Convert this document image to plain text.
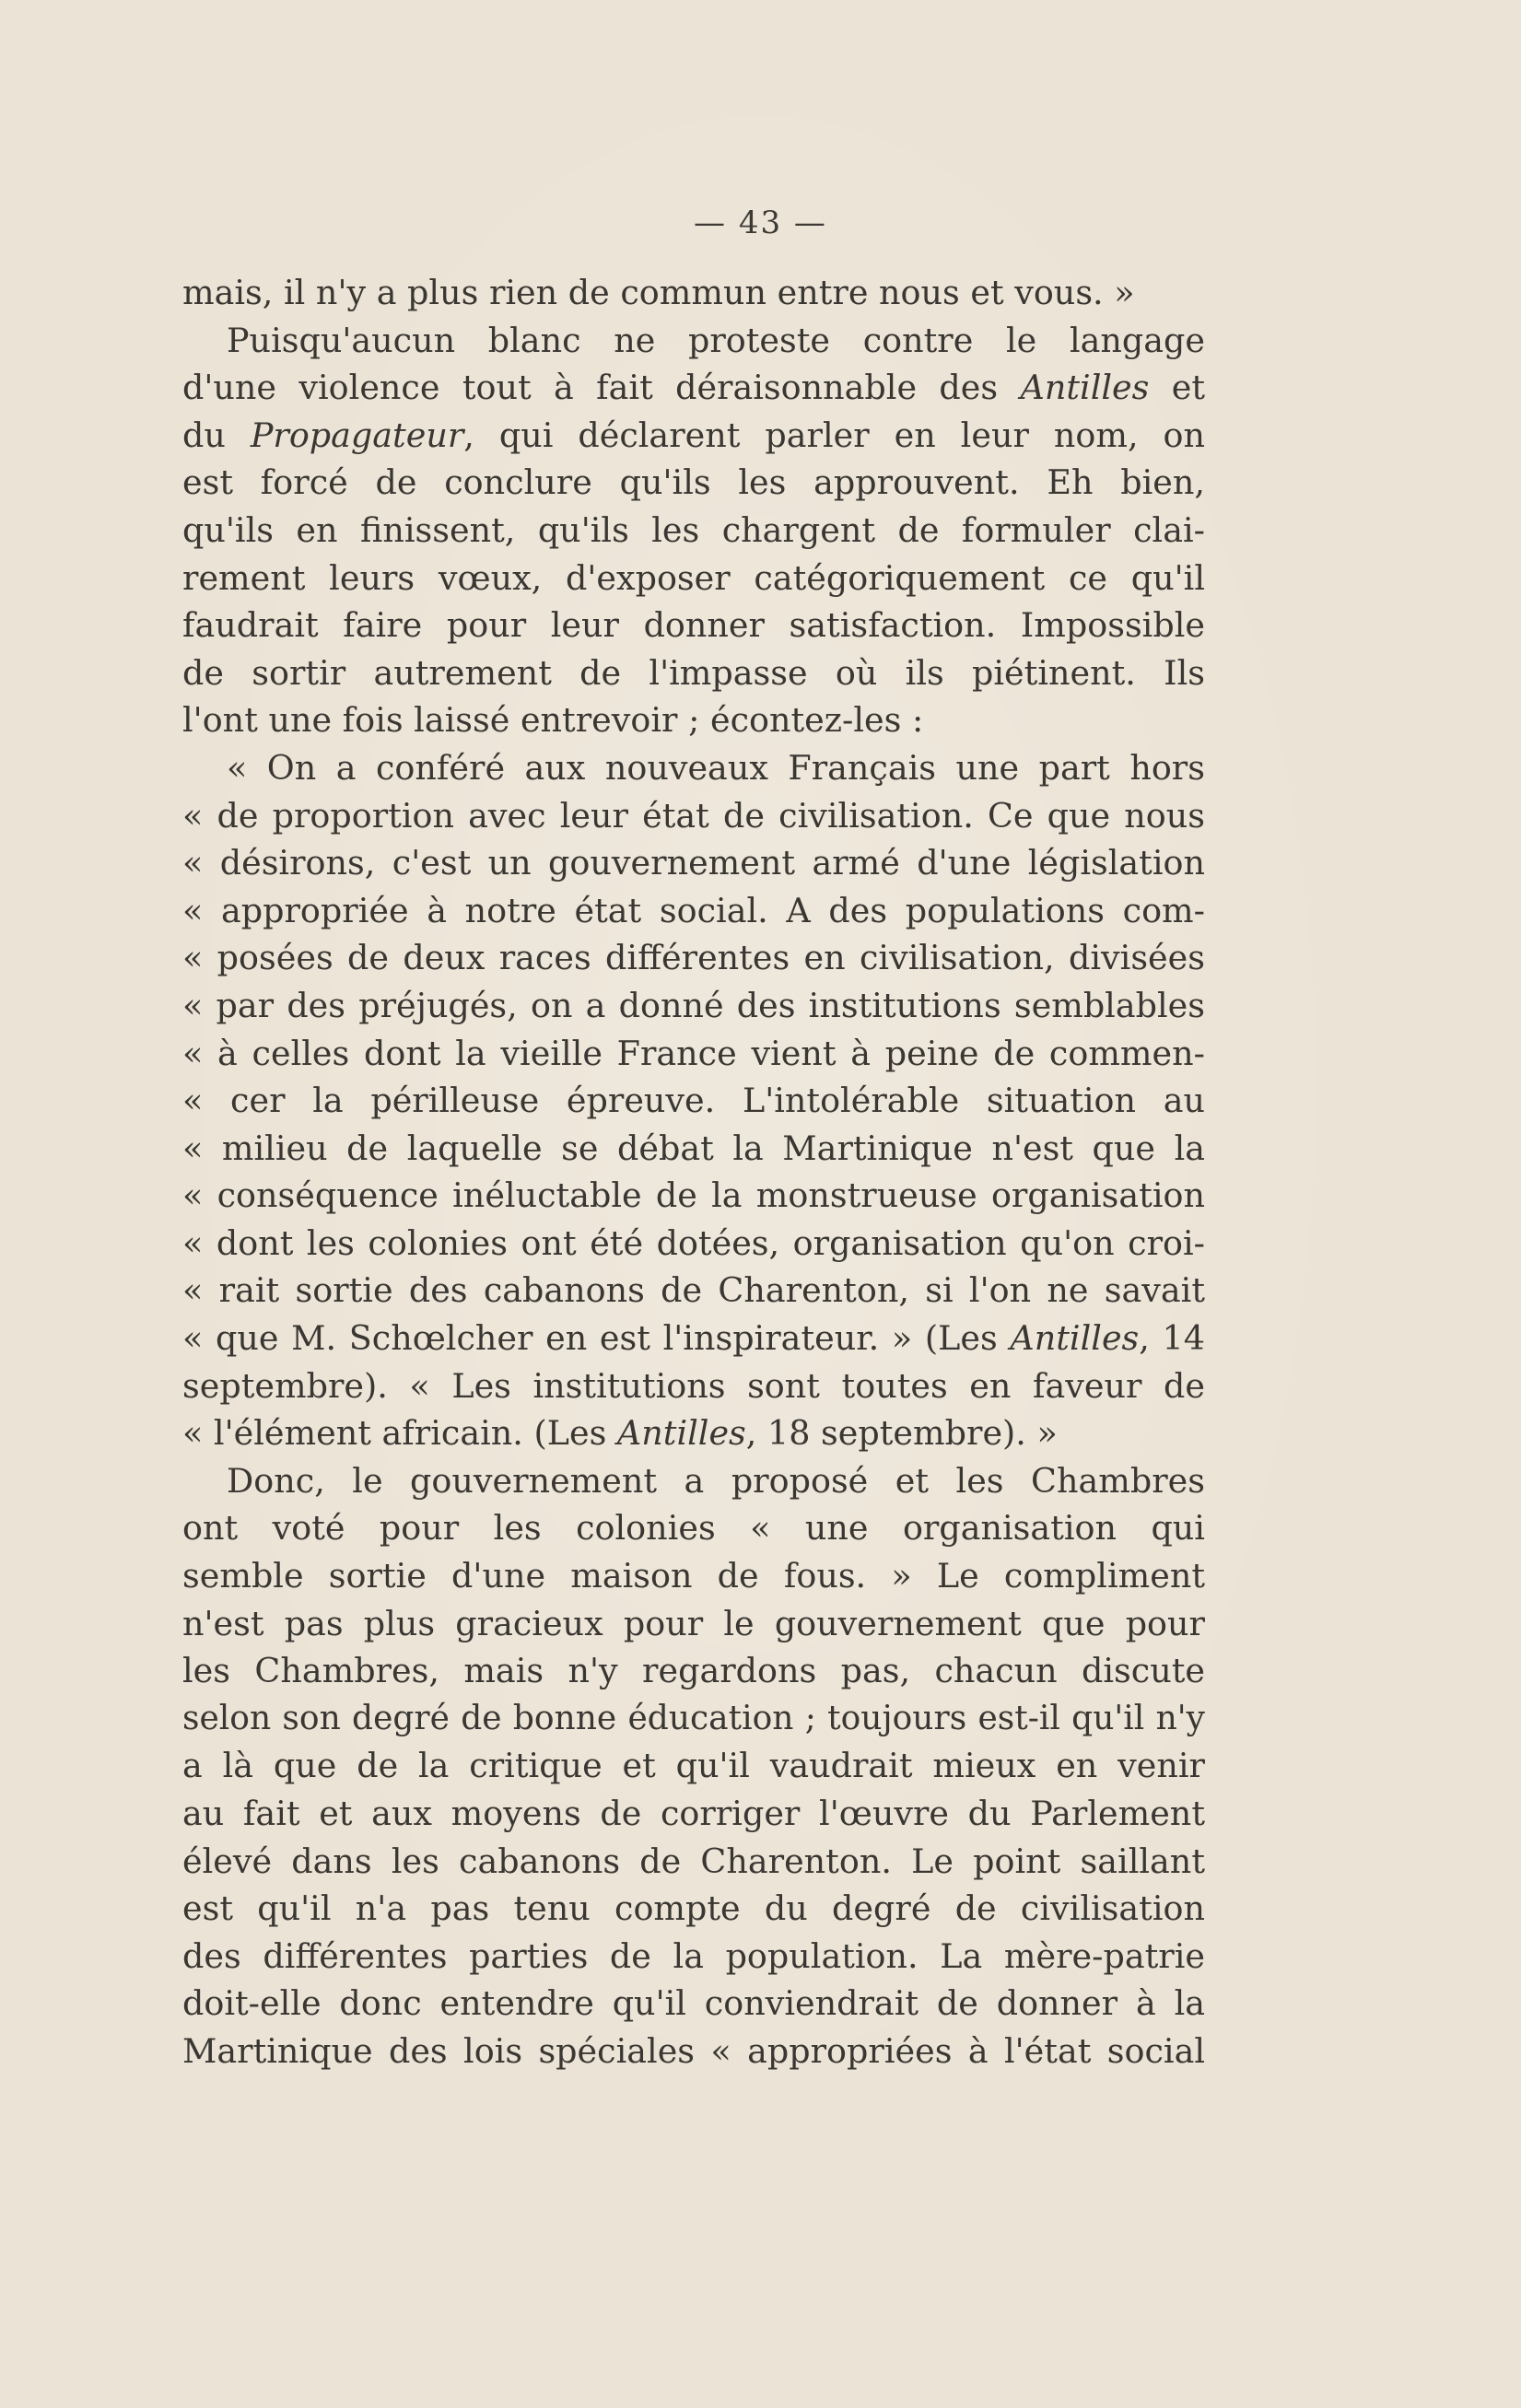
— 43 —
mais, il n'y a plus rien de commun entre nous et vous. »
Puisqu'aucun blanc ne proteste contre le langage
d'une violence tout à fait déraisonnable des Antilles et
du Propagateur, qui déclarent parler en leur nom, on
est forcé de conclure qu'ils les approuvent. Eh bien,
qu'ils en finissent, qu'ils les chargent de formuler clai-
rement leurs vœux, d'exposer catégoriquement ce qu'il
faudrait faire pour leur donner satisfaction. Impossible
de sortir autrement de l'impasse où ils piétinent. Ils
l'ont une fois laissé entrevoir ; écontez-les :
« On a conféré aux nouveaux Français une part hors
« de proportion avec leur état de civilisation. Ce que nous
« désirons, c'est un gouvernement armé d'une législation
« appropriée à notre état social. A des populations com-
« posées de deux races différentes en civilisation, divisées
« par des préjugés, on a donné des institutions semblables
« à celles dont la vieille France vient à peine de commen-
« cer la périlleuse épreuve. L'intolérable situation au
« milieu de laquelle se débat la Martinique n'est que la
« conséquence inéluctable de la monstrueuse organisation
« dont les colonies ont été dotées, organisation qu'on croi-
« rait sortie des cabanons de Charenton, si l'on ne savait
« que M. Schœlcher en est l'inspirateur. » (Les Antilles, 14
septembre). « Les institutions sont toutes en faveur de
« l'élément africain. (Les Antilles, 18 septembre). »
Donc, le gouvernement a proposé et les Chambres
ont voté pour les colonies « une organisation qui
semble sortie d'une maison de fous. » Le compliment
n'est pas plus gracieux pour le gouvernement que pour
les Chambres, mais n'y regardons pas, chacun discute
selon son degré de bonne éducation ; toujours est-il qu'il n'y
a là que de la critique et qu'il vaudrait mieux en venir
au fait et aux moyens de corriger l'œuvre du Parlement
élevé dans les cabanons de Charenton. Le point saillant
est qu'il n'a pas tenu compte du degré de civilisation
des différentes parties de la population. La mère-patrie
doit-elle donc entendre qu'il conviendrait de donner à la
Martinique des lois spéciales « appropriées à l'état social
